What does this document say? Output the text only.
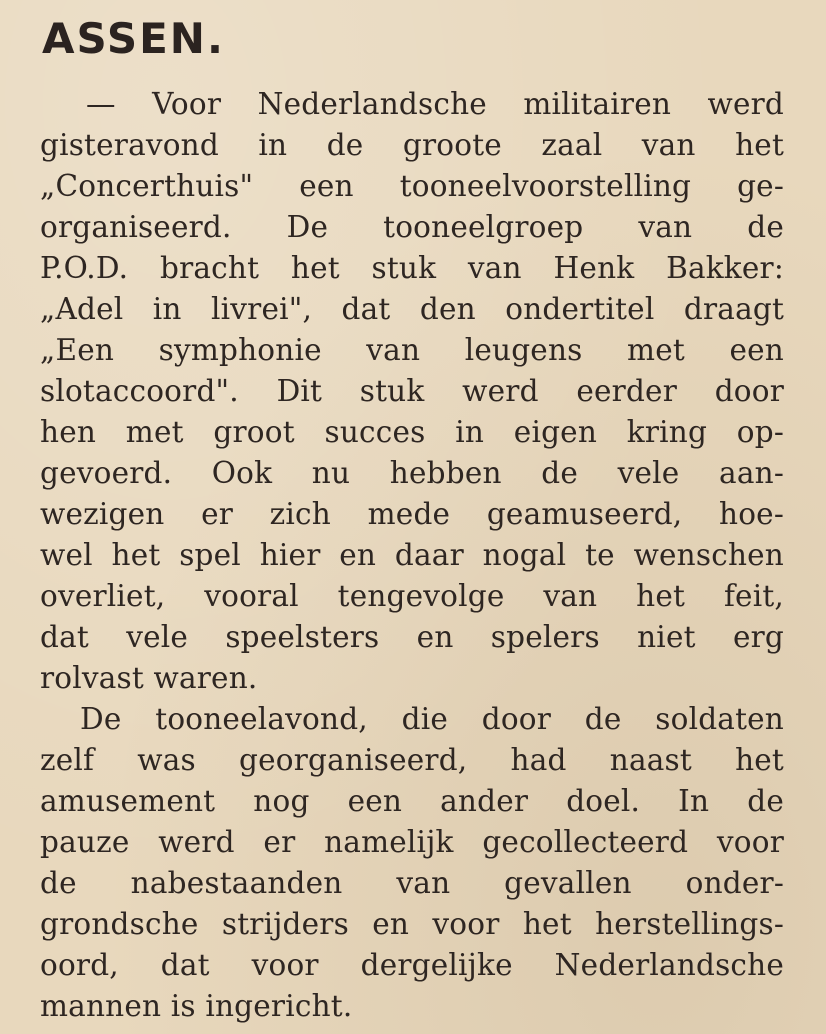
ASSEN.
— Voor Nederlandsche militairen werd
gisteravond in de groote zaal van het
„Concerthuis" een tooneelvoorstelling ge-
organiseerd. De tooneelgroep van de
P.O.D. bracht het stuk van Henk Bakker:
„Adel in livrei", dat den ondertitel draagt
„Een symphonie van leugens met een
slotaccoord". Dit stuk werd eerder door
hen met groot succes in eigen kring op-
gevoerd. Ook nu hebben de vele aan-
wezigen er zich mede geamuseerd, hoe-
wel het spel hier en daar nogal te wenschen
overliet, vooral tengevolge van het feit,
dat vele speelsters en spelers niet erg
rolvast waren.
De tooneelavond, die door de soldaten
zelf was georganiseerd, had naast het
amusement nog een ander doel. In de
pauze werd er namelijk gecollecteerd voor
de nabestaanden van gevallen onder-
grondsche strijders en voor het herstellings-
oord, dat voor dergelijke Nederlandsche
mannen is ingericht.
